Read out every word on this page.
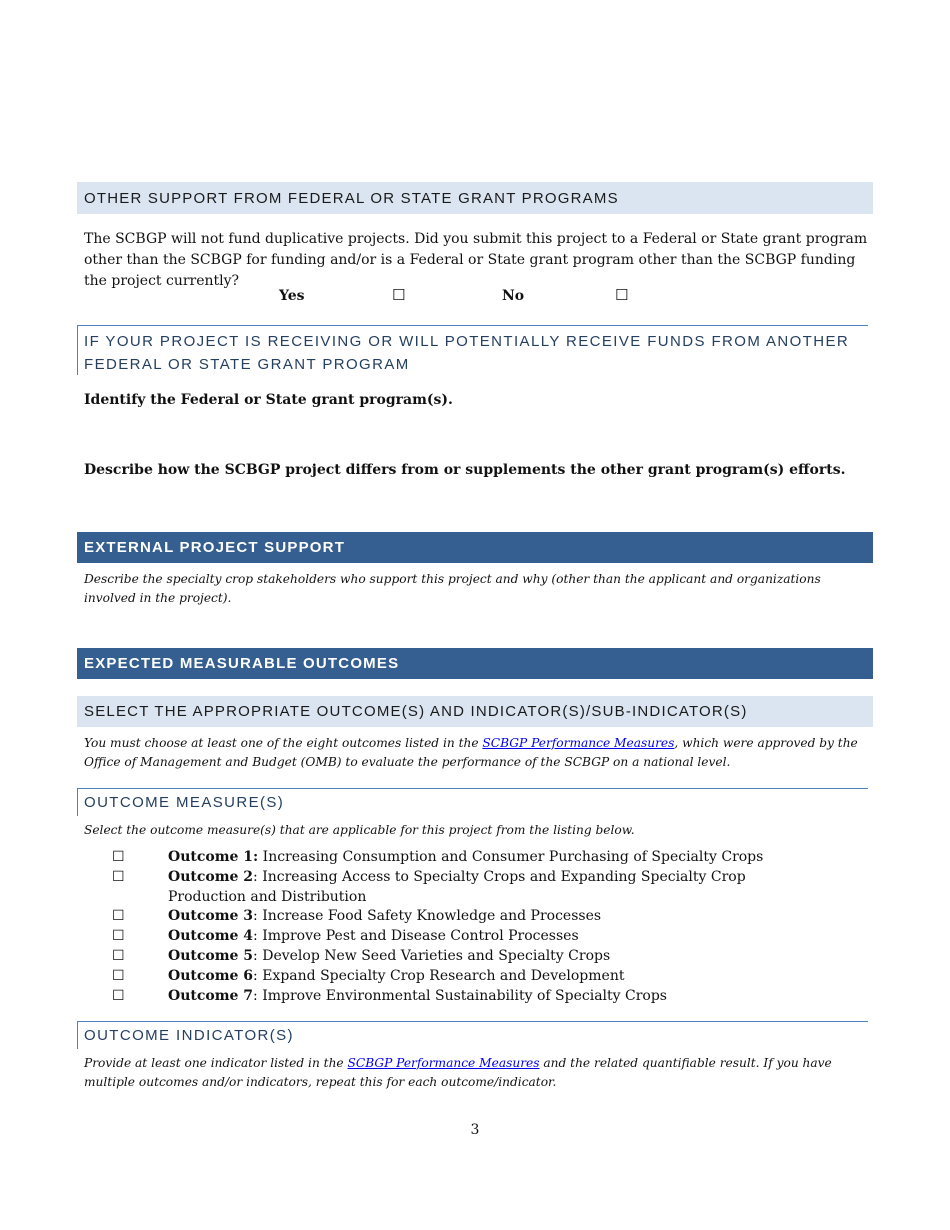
OTHER SUPPORT FROM FEDERAL OR STATE GRANT PROGRAMS
The SCBGP will not fund duplicative projects. Did you submit this project to a Federal or State grant program other than the SCBGP for funding and/or is a Federal or State grant program other than the SCBGP funding the project currently?
Yes	☐	No	☐
IF YOUR PROJECT IS RECEIVING OR WILL POTENTIALLY RECEIVE FUNDS FROM ANOTHER
FEDERAL OR STATE GRANT PROGRAM
Identify the Federal or State grant program(s).
Describe how the SCBGP project differs from or supplements the other grant program(s) efforts.
EXTERNAL PROJECT SUPPORT
Describe the specialty crop stakeholders who support this project and why (other than the applicant and organizations involved in the project).
EXPECTED MEASURABLE OUTCOMES
SELECT THE APPROPRIATE OUTCOME(S) AND INDICATOR(S)/SUB-INDICATOR(S)
You must choose at least one of the eight outcomes listed in the SCBGP Performance Measures, which were approved by the Office of Management and Budget (OMB) to evaluate the performance of the SCBGP on a national level.
OUTCOME MEASURE(S)
Select the outcome measure(s) that are applicable for this project from the listing below.
☐	Outcome 1: Increasing Consumption and Consumer Purchasing of Specialty Crops
☐	Outcome 2: Increasing Access to Specialty Crops and Expanding Specialty Crop Production and Distribution
☐	Outcome 3: Increase Food Safety Knowledge and Processes
☐	Outcome 4: Improve Pest and Disease Control Processes
☐	Outcome 5: Develop New Seed Varieties and Specialty Crops
☐	Outcome 6: Expand Specialty Crop Research and Development
☐	Outcome 7: Improve Environmental Sustainability of Specialty Crops
OUTCOME INDICATOR(S)
Provide at least one indicator listed in the SCBGP Performance Measures and the related quantifiable result. If you have multiple outcomes and/or indicators, repeat this for each outcome/indicator.
3
